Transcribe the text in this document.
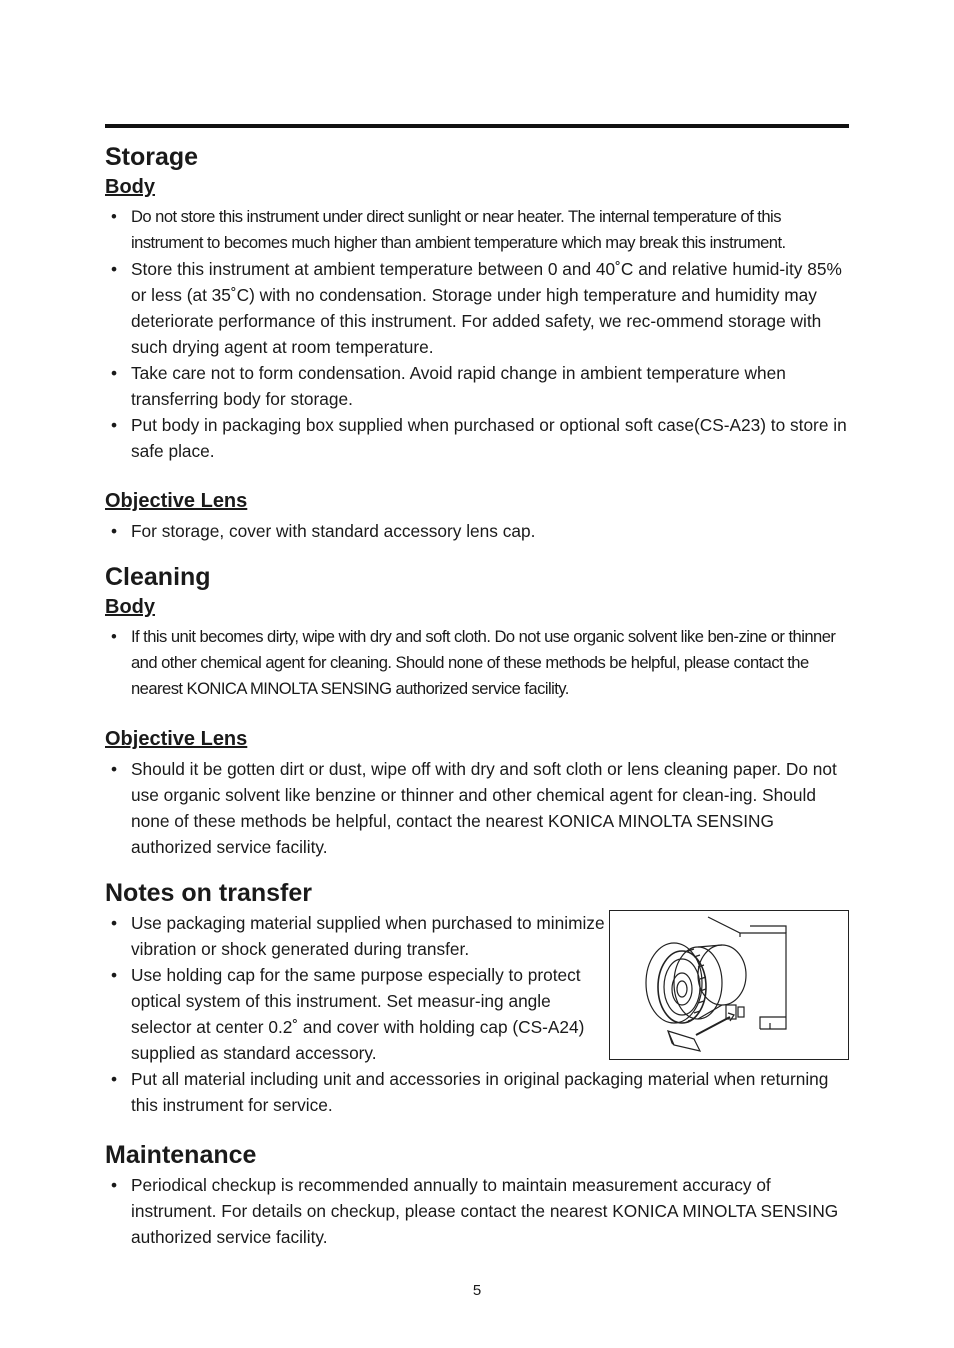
Storage
Body
• Do not store this instrument under direct sunlight or near heater. The internal temperature of this instrument to becomes much higher than ambient temperature which may break this instrument.
• Store this instrument at ambient temperature between 0 and 40˚C and relative humid-ity 85% or less (at 35˚C) with no condensation. Storage under high temperature and humidity may deteriorate performance of this instrument. For added safety, we rec-ommend storage with such drying agent at room temperature.
• Take care not to form condensation. Avoid rapid change in ambient temperature when transferring body for storage.
• Put body in packaging box supplied when purchased or optional soft case(CS-A23) to store in safe place.
Objective Lens
• For storage, cover with standard accessory lens cap.
Cleaning
Body
• If this unit becomes dirty, wipe with dry and soft cloth. Do not use organic solvent like ben-zine or thinner and other chemical agent for cleaning. Should none of these methods be helpful, please contact the nearest KONICA MINOLTA SENSING authorized service facility.
Objective Lens
• Should it be gotten dirt or dust, wipe off with dry and soft cloth or lens cleaning paper. Do not use organic solvent like benzine or thinner and other chemical agent for clean-ing. Should none of these methods be helpful, contact the nearest KONICA MINOLTA SENSING authorized service facility.
Notes on transfer
• Use packaging material supplied when purchased to minimize vibration or shock generated during transfer.
• Use holding cap for the same purpose especially to protect optical system of this instrument. Set measur-ing angle selector at center 0.2˚ and cover with holding cap (CS-A24) supplied as standard accessory.
• Put all material including unit and accessories in original packaging material when returning this instrument for service.
Maintenance
• Periodical checkup is recommended annually to maintain measurement accuracy of instrument. For details on checkup, please contact the nearest KONICA MINOLTA SENSING authorized service facility.
5
